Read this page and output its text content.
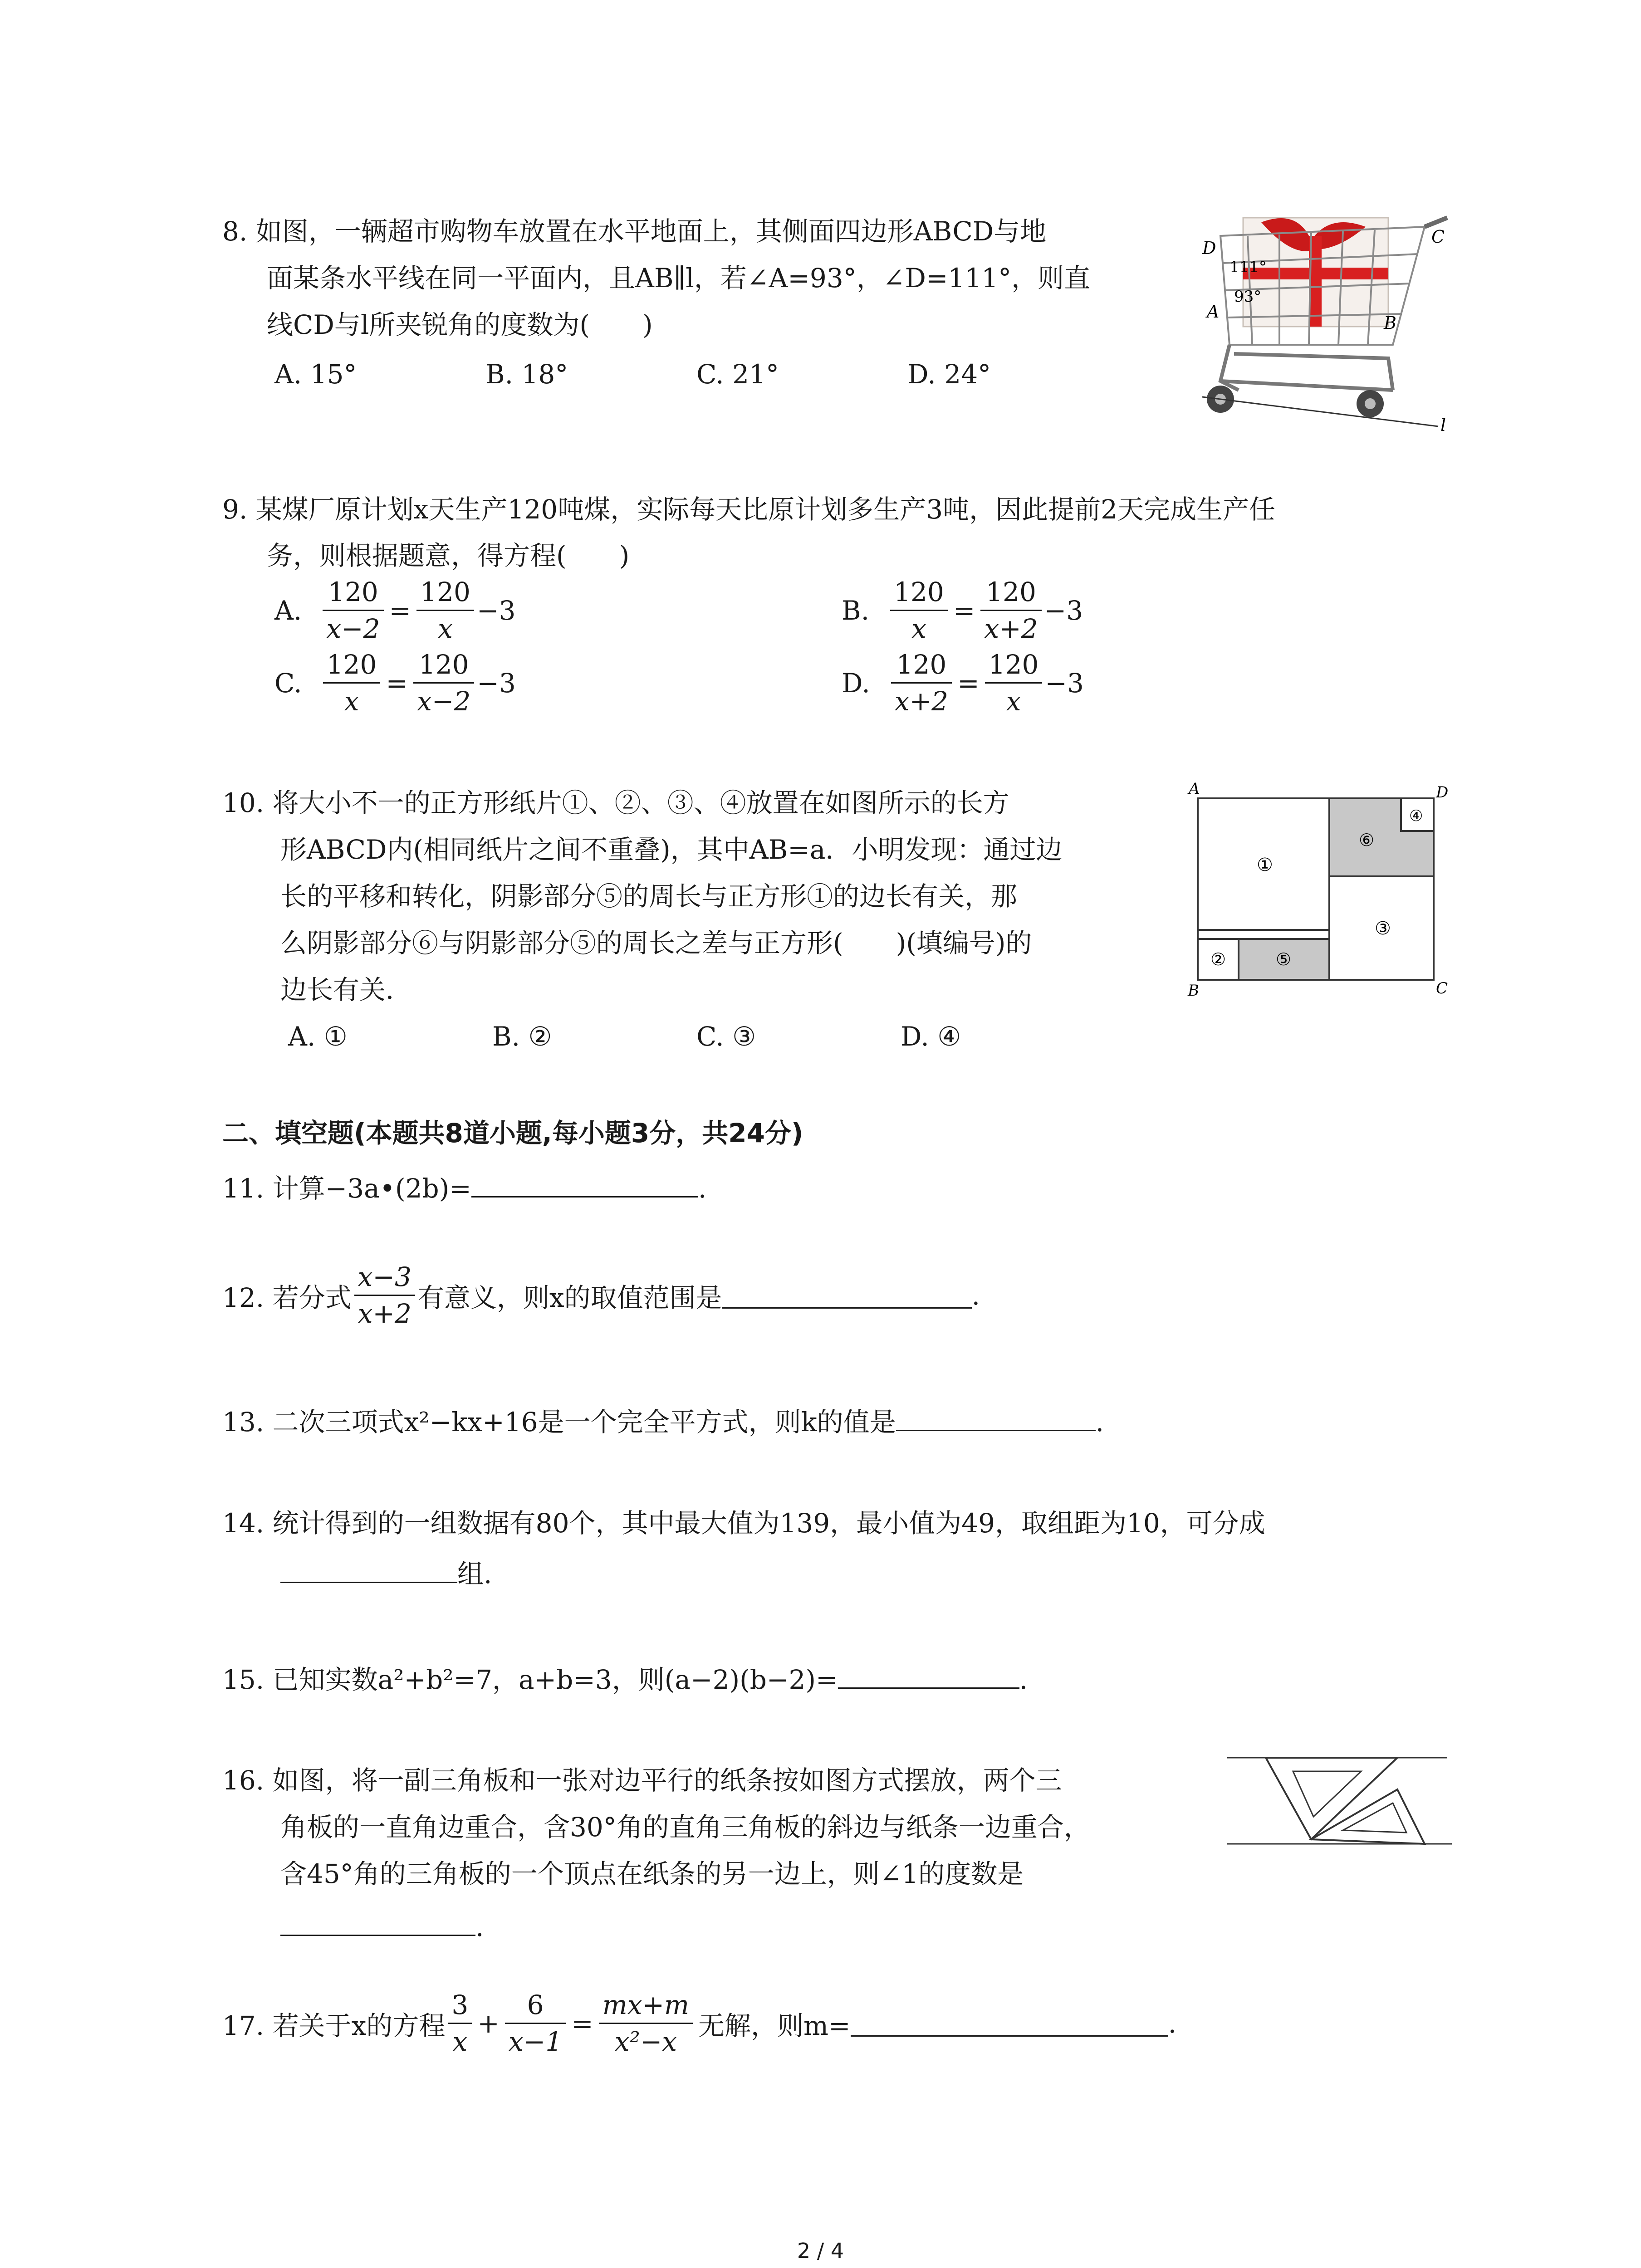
8. 如图，一辆超市购物车放置在水平地面上，其侧面四边形ABCD与地
面某条水平线在同一平面内，且AB∥l，若∠A=93°，∠D=111°，则直
线CD与l所夹锐角的度数为(　　)
A. 15°	B. 18°	C. 21°	D. 24°
D
C
A
B
l
111°
93°
9. 某煤厂原计划x天生产120吨煤，实际每天比原计划多生产3吨，因此提前2天完成生产任
务，则根据题意，得方程(　　)
A. $\frac{120}{x-2} = \frac{120}{x} -3$	B. $\frac{120}{x} = \frac{120}{x+2} -3$
C. $\frac{120}{x} = \frac{120}{x-2} -3$	D. $\frac{120}{x+2} = \frac{120}{x} -3$
10. 将大小不一的正方形纸片①、②、③、④放置在如图所示的长方
形ABCD内(相同纸片之间不重叠)，其中AB=a．小明发现：通过边
长的平移和转化，阴影部分⑤的周长与正方形①的边长有关，那
么阴影部分⑥与阴影部分⑤的周长之差与正方形(　　)(填编号)的
边长有关．
A. ①	B. ②	C. ③	D. ④
A	D
B	C
①
②
③
④
⑤
⑥
二、填空题(本题共8道小题,每小题3分，共24分)
11. 计算−3a•(2b)=	.
12. 若分式 $\frac{x-3}{x+2}$ 有意义，则x的取值范围是	.
13. 二次三项式x²−kx+16是一个完全平方式，则k的值是	.
14. 统计得到的一组数据有80个，其中最大值为139，最小值为49，取组距为10，可分成
组.
15. 已知实数a²+b²=7，a+b=3，则(a−2)(b−2)=	.
16. 如图，将一副三角板和一张对边平行的纸条按如图方式摆放，两个三
角板的一直角边重合，含30°角的直角三角板的斜边与纸条一边重合，
含45°角的三角板的一个顶点在纸条的另一边上，则∠1的度数是
.
17. 若关于x的方程 $\frac{3}{x} + \frac{6}{x-1} = \frac{mx+m}{\text{x²−x}}$ 无解，则m=	.
2 / 4
